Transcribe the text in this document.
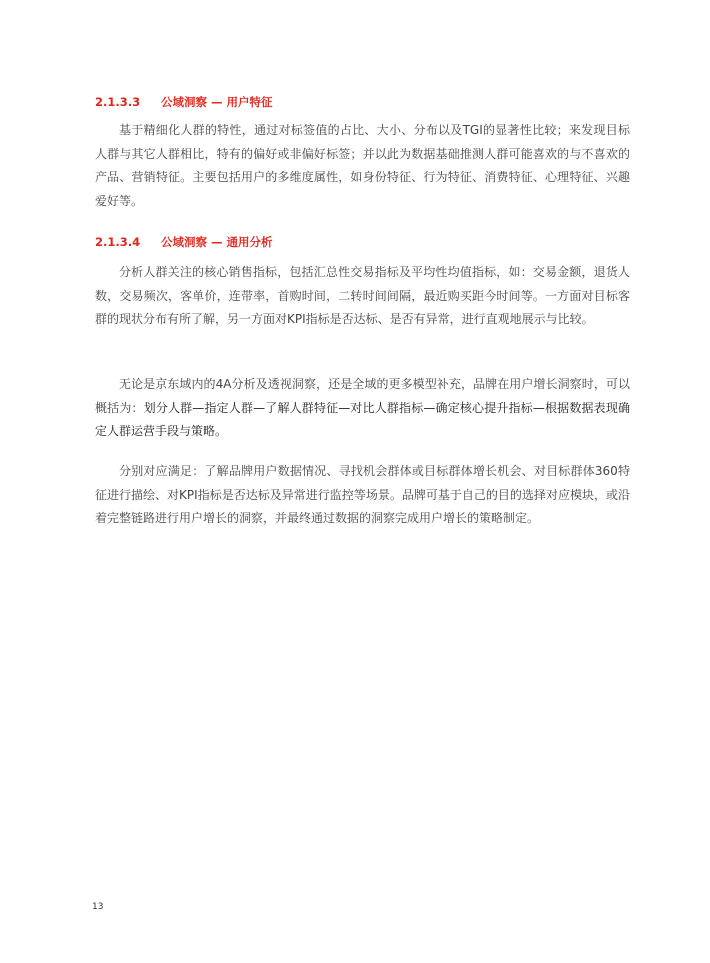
2.1.3.3 公域洞察 — 用户特征

基于精细化人群的特性，通过对标签值的占比、大小、分布以及TGI的显著性比较；来发现目标人群与其它人群相比，特有的偏好或非偏好标签；并以此为数据基础推测人群可能喜欢的与不喜欢的产品、营销特征。主要包括用户的多维度属性，如身份特征、行为特征、消费特征、心理特征、兴趣爱好等。

2.1.3.4 公域洞察 — 通用分析

分析人群关注的核心销售指标，包括汇总性交易指标及平均性均值指标，如：交易金额，退货人数，交易频次，客单价，连带率，首购时间，二转时间间隔，最近购买距今时间等。一方面对目标客群的现状分布有所了解，另一方面对KPI指标是否达标、是否有异常，进行直观地展示与比较。

无论是京东域内的4A分析及透视洞察，还是全域的更多模型补充，品牌在用户增长洞察时，可以概括为：划分人群—指定人群—了解人群特征—对比人群指标—确定核心提升指标—根据数据表现确定人群运营手段与策略。

分别对应满足：了解品牌用户数据情况、寻找机会群体或目标群体增长机会、对目标群体360特征进行描绘、对KPI指标是否达标及异常进行监控等场景。品牌可基于自己的目的选择对应模块，或沿着完整链路进行用户增长的洞察，并最终通过数据的洞察完成用户增长的策略制定。

13
